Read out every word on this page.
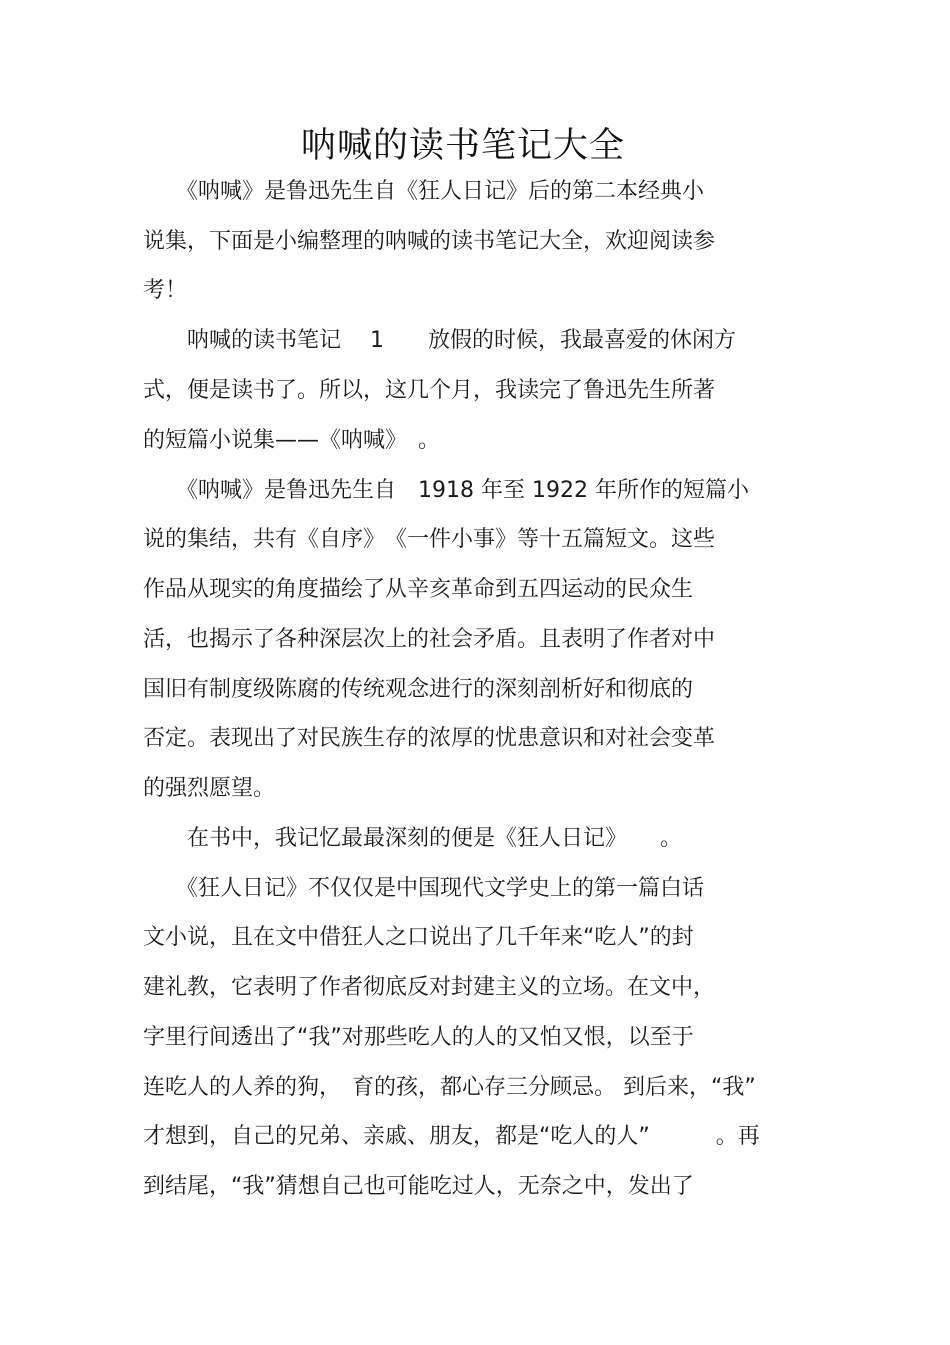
呐喊的读书笔记大全
　　《呐喊》是鲁迅先生自《狂人日记》后的第二本经典小
说集，下面是小编整理的呐喊的读书笔记大全，欢迎阅读参
考！
　　呐喊的读书笔记　 1　　放假的时候，我最喜爱的休闲方
式，便是读书了。所以，这几个月，我读完了鲁迅先生所著
的短篇小说集——《呐喊》　。
　　《呐喊》是鲁迅先生自　1918 年至 1922 年所作的短篇小
说的集结，共有《自序》　《一件小事》等十五篇短文。这些
作品从现实的角度描绘了从辛亥革命到五四运动的民众生
活，也揭示了各种深层次上的社会矛盾。且表明了作者对中
国旧有制度级陈腐的传统观念进行的深刻剖析好和彻底的
否定。表现出了对民族生存的浓厚的忧患意识和对社会变革
的强烈愿望。
　　在书中，我记忆最最深刻的便是《狂人日记》　　。
　　《狂人日记》不仅仅是中国现代文学史上的第一篇白话
文小说，且在文中借狂人之口说出了几千年来“吃人”的封
建礼教，它表明了作者彻底反对封建主义的立场。在文中，
字里行间透出了“我”对那些吃人的人的又怕又恨，以至于
连吃人的人养的狗，　育的孩，都心存三分顾忌。 到后来，“我”
才想到，自己的兄弟、亲戚、朋友，都是“吃人的人”　　　。再
到结尾，“我”猜想自己也可能吃过人，无奈之中，发出了
